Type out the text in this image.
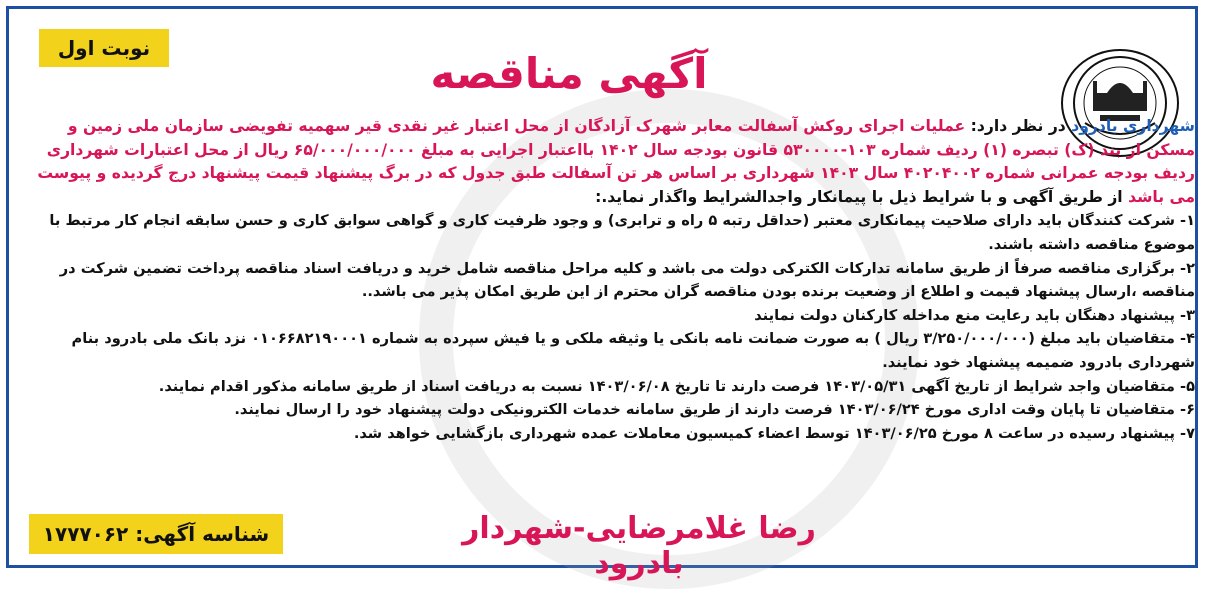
نوبت اول
آگهی مناقصه

شهرداری بادرود در نظر دارد: عملیات اجرای روکش آسفالت معابر شهرک آزادگان از محل اعتبار غیر نقدی قیر سهمیه تفویضی سازمان ملی زمین و مسکن از بند (ک) تبصره (۱) ردیف شماره ۱۰۳-۵۳۰۰۰۰ قانون بودجه سال ۱۴۰۲ بااعتبار اجرایی به مبلغ ۶۵/۰۰۰/۰۰۰/۰۰۰ ریال از محل اعتبارات شهرداری ردیف بودجه عمرانی شماره ۴۰۲۰۴۰۰۲ سال ۱۴۰۳ شهرداری بر اساس هر تن آسفالت طبق جدول که در برگ پیشنهاد قیمت پیشنهاد درج گردیده و پیوست می باشد از طریق آگهی و با شرایط ذیل با پیمانکار واجدالشرایط واگذار نماید.:

۱- شرکت کنندگان باید دارای صلاحیت پیمانکاری معتبر (حداقل رتبه ۵ راه و ترابری) و وجود ظرفیت کاری و گواهی سوابق کاری و حسن سابقه انجام کار مرتبط با موضوع مناقصه داشته باشند.

۲- برگزاری مناقصه صرفاً از طریق سامانه تدارکات الکترکی دولت می باشد و کلیه مراحل مناقصه شامل خرید و دریافت اسناد مناقصه پرداخت تضمین شرکت در مناقصه ،ارسال پیشنهاد قیمت و اطلاع از وضعیت برنده بودن مناقصه گران محترم از این طریق امکان پذیر می باشد..

۳- پیشنهاد دهنگان باید رعایت منع مداخله کارکنان دولت نمایند

۴- متقاضیان باید مبلغ (۳/۲۵۰/۰۰۰/۰۰۰ ریال ) به صورت ضمانت نامه بانکی یا وثیقه ملکی و یا فیش سپرده به شماره ۰۱۰۶۶۸۲۱۹۰۰۰۱ نزد بانک ملی بادرود بنام شهرداری بادرود ضمیمه پیشنهاد خود نمایند.

۵- متقاضیان واجد شرایط از تاریخ آگهی ۱۴۰۳/۰۵/۳۱ فرصت دارند تا تاریخ ۱۴۰۳/۰۶/۰۸ نسبت به دریافت اسناد از طریق سامانه مذکور اقدام نمایند.

۶- متقاضیان تا پایان وقت اداری مورخ ۱۴۰۳/۰۶/۲۴ فرصت دارند از طریق سامانه خدمات الکترونیکی دولت پیشنهاد خود را ارسال نمایند.

۷- پیشنهاد رسیده در ساعت ۸ مورخ ۱۴۰۳/۰۶/۲۵ توسط اعضاء کمیسیون معاملات عمده شهرداری بازگشایی خواهد شد.

رضا غلامرضایی-شهردار بادرود
شناسه آگهی: ۱۷۷۷۰۶۲
